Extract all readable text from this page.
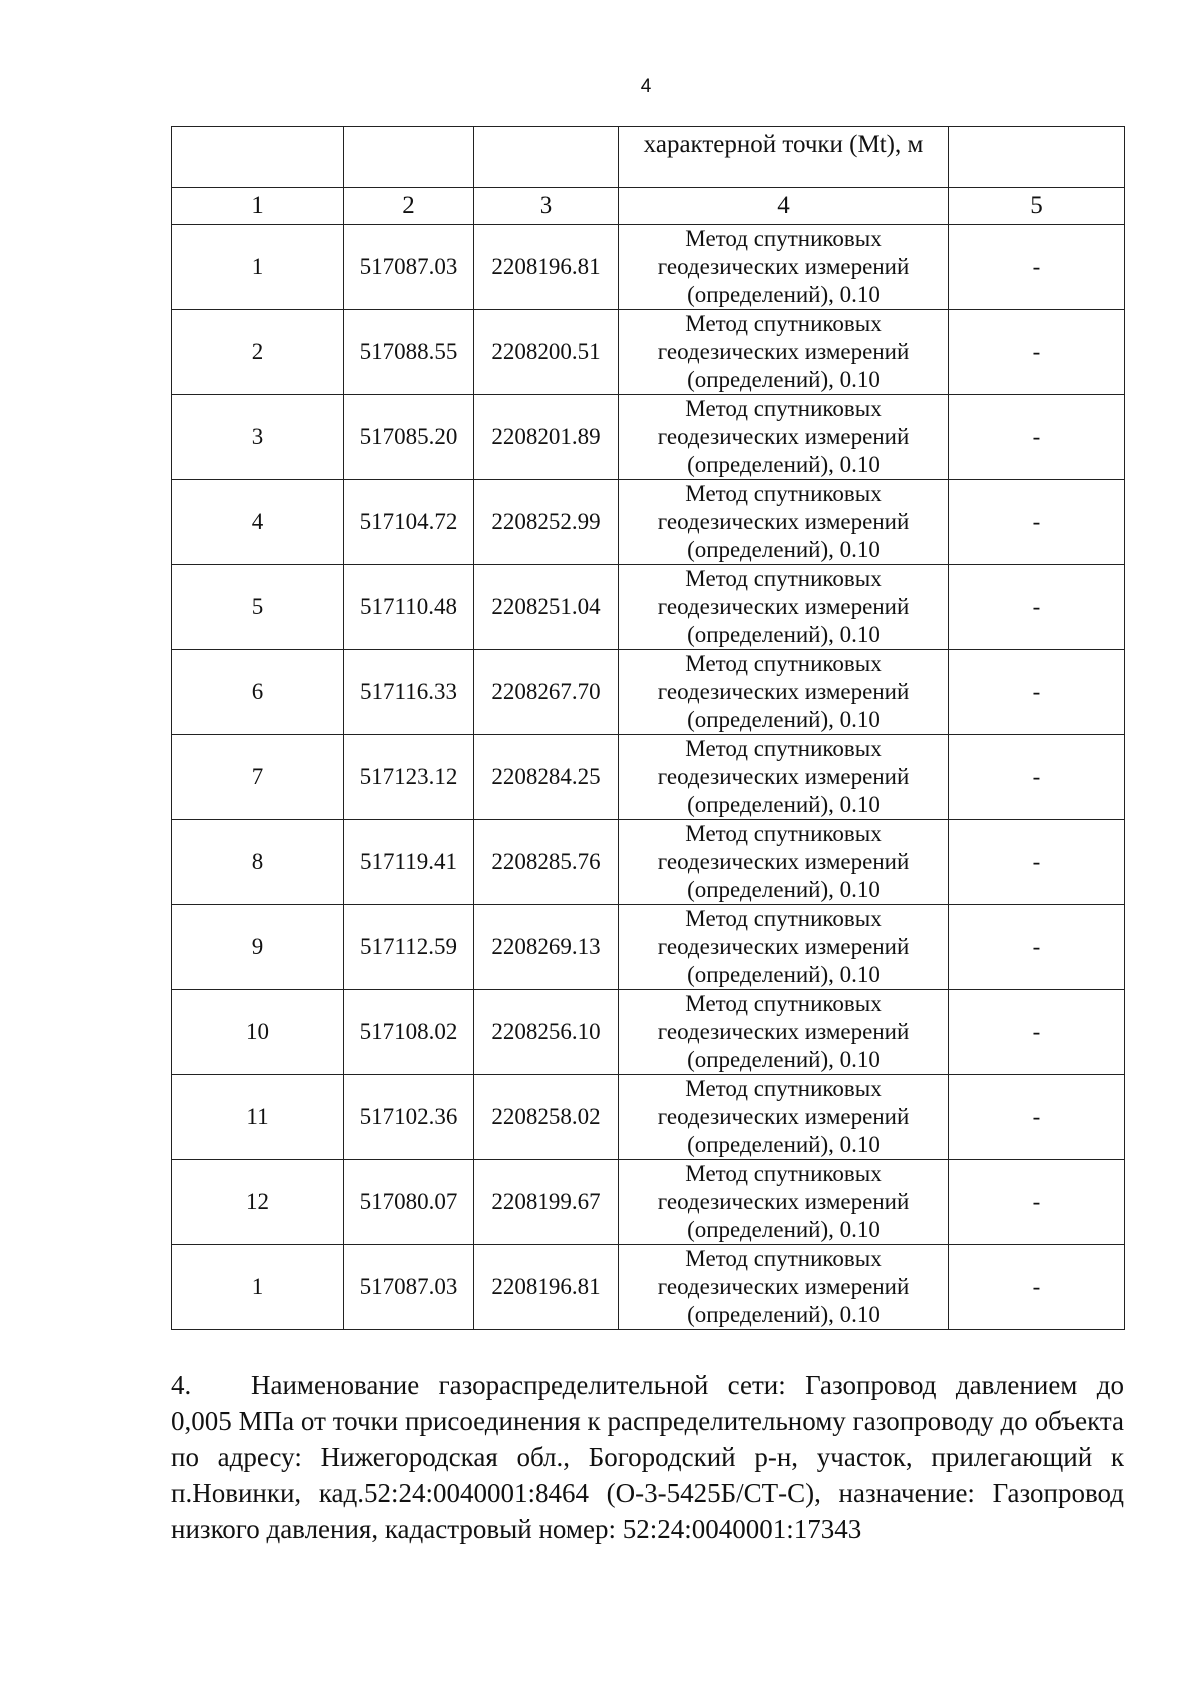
4

			характерной точки (Mt), м	

1	2	3	4	5
1	517087.03	2208196.81	Метод спутниковых
геодезических измерений
(определений), 0.10	-
2	517088.55	2208200.51	Метод спутниковых
геодезических измерений
(определений), 0.10	-
3	517085.20	2208201.89	Метод спутниковых
геодезических измерений
(определений), 0.10	-
4	517104.72	2208252.99	Метод спутниковых
геодезических измерений
(определений), 0.10	-
5	517110.48	2208251.04	Метод спутниковых
геодезических измерений
(определений), 0.10	-
6	517116.33	2208267.70	Метод спутниковых
геодезических измерений
(определений), 0.10	-
7	517123.12	2208284.25	Метод спутниковых
геодезических измерений
(определений), 0.10	-
8	517119.41	2208285.76	Метод спутниковых
геодезических измерений
(определений), 0.10	-
9	517112.59	2208269.13	Метод спутниковых
геодезических измерений
(определений), 0.10	-
10	517108.02	2208256.10	Метод спутниковых
геодезических измерений
(определений), 0.10	-
11	517102.36	2208258.02	Метод спутниковых
геодезических измерений
(определений), 0.10	-
12	517080.07	2208199.67	Метод спутниковых
геодезических измерений
(определений), 0.10	-
1	517087.03	2208196.81	Метод спутниковых
геодезических измерений
(определений), 0.10	-

4. Наименование газораспределительной сети: Газопровод давлением до 0,005 МПа от точки присоединения к распределительному газопроводу до объекта по адресу: Нижегородская обл., Богородский р-н, участок, прилегающий к п.Новинки, кад.52:24:0040001:8464 (О-3-5425Б/СТ-С), назначение: Газопровод низкого давления, кадастровый номер: 52:24:0040001:17343
